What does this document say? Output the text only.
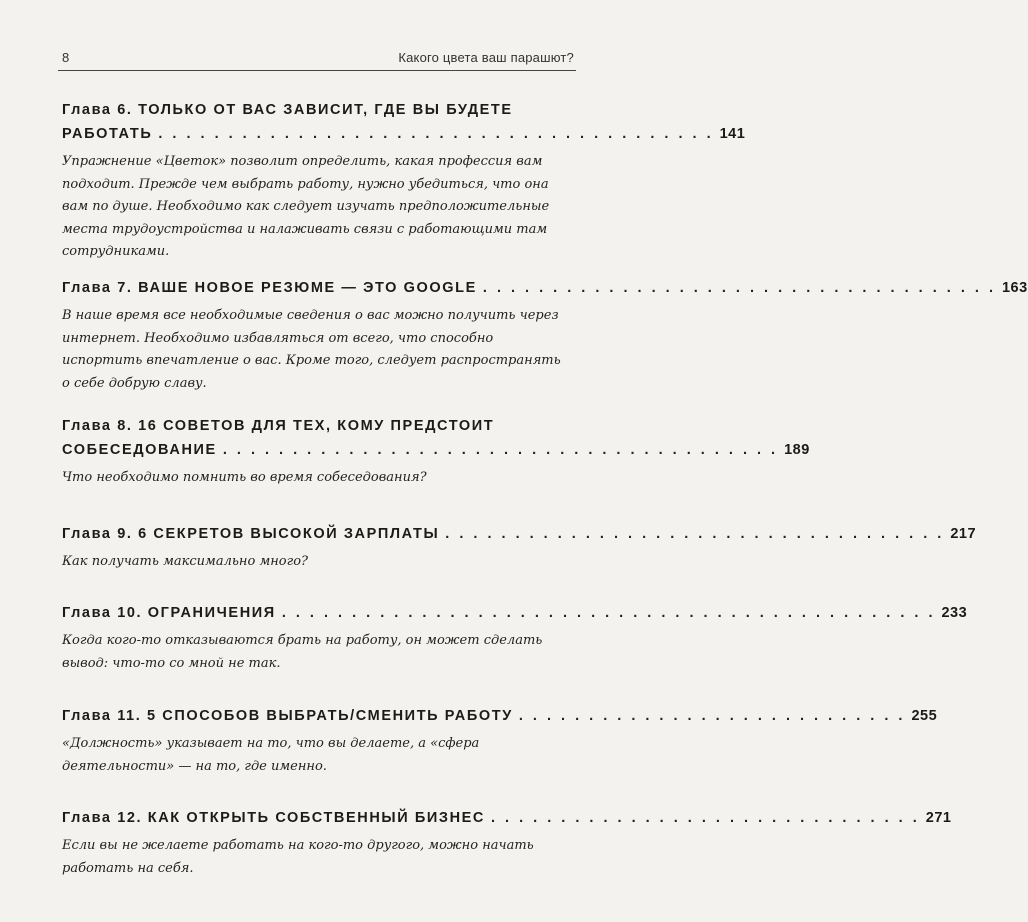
8	Какого цвета ваш парашют?
Глава 6. ТОЛЬКО ОТ ВАС ЗАВИСИТ, ГДЕ ВЫ БУДЕТЕ
РАБОТАТЬ . . . . . . . . . . . . . . . . . . . . . . . . . . . . . . . . . . . . . . . . 141
Упражнение «Цветок» позволит определить, какая профессия вам подходит. Прежде чем выбрать работу, нужно убедиться, что она вам по душе. Необходимо как следует изучать предположительные места трудоустройства и налаживать связи с работающими там сотрудниками.
Глава 7. ВАШЕ НОВОЕ РЕЗЮМЕ — ЭТО GOOGLE . . . . . . . . . . . . . . . . . . . . . . . . . . . . . . . . . . . . . 163
В наше время все необходимые сведения о вас можно получить через интернет. Необходимо избавляться от всего, что способно испортить впечатление о вас. Кроме того, следует распространять о себе добрую славу.
Глава 8. 16 СОВЕТОВ ДЛЯ ТЕХ, КОМУ ПРЕДСТОИТ
СОБЕСЕДОВАНИЕ . . . . . . . . . . . . . . . . . . . . . . . . . . . . . . . . . . . . . . . . 189
Что необходимо помнить во время собеседования?
Глава 9. 6 СЕКРЕТОВ ВЫСОКОЙ ЗАРПЛАТЫ . . . . . . . . . . . . . . . . . . . . . . . . . . . . . . . . . . . . 217
Как получать максимально много?
Глава 10. ОГРАНИЧЕНИЯ . . . . . . . . . . . . . . . . . . . . . . . . . . . . . . . . . . . . . . . . . . . . . . . 233
Когда кого-то отказываются брать на работу, он может сделать вывод: что-то со мной не так.
Глава 11. 5 СПОСОБОВ ВЫБРАТЬ/СМЕНИТЬ РАБОТУ . . . . . . . . . . . . . . . . . . . . . . . . . . . . 255
«Должность» указывает на то, что вы делаете, а «сфера деятельности» — на то, где именно.
Глава 12. КАК ОТКРЫТЬ СОБСТВЕННЫЙ БИЗНЕС . . . . . . . . . . . . . . . . . . . . . . . . . . . . . . . 271
Если вы не желаете работать на кого-то другого, можно начать работать на себя.
